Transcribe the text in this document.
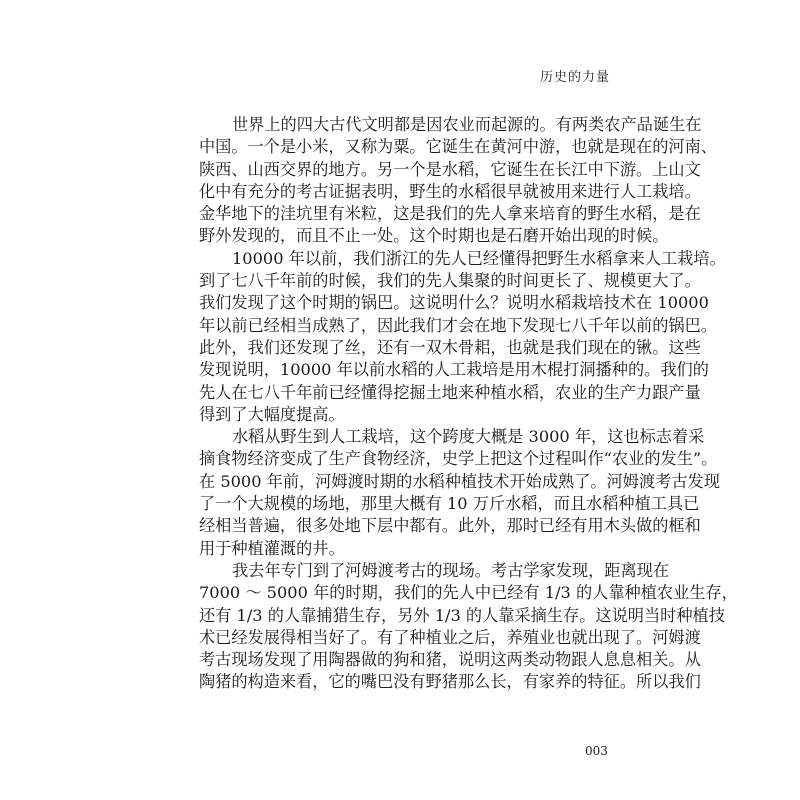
历史的力量
世界上的四大古代文明都是因农业而起源的。有两类农产品诞生在
中国。一个是小米，又称为粟。它诞生在黄河中游，也就是现在的河南、
陕西、山西交界的地方。另一个是水稻，它诞生在长江中下游。上山文
化中有充分的考古证据表明，野生的水稻很早就被用来进行人工栽培。
金华地下的洼坑里有米粒，这是我们的先人拿来培育的野生水稻，是在
野外发现的，而且不止一处。这个时期也是石磨开始出现的时候。
10000 年以前，我们浙江的先人已经懂得把野生水稻拿来人工栽培。
到了七八千年前的时候，我们的先人集聚的时间更长了、规模更大了。
我们发现了这个时期的锅巴。这说明什么？说明水稻栽培技术在 10000
年以前已经相当成熟了，因此我们才会在地下发现七八千年以前的锅巴。
此外，我们还发现了丝，还有一双木骨耜，也就是我们现在的锹。这些
发现说明，10000 年以前水稻的人工栽培是用木棍打洞播种的。我们的
先人在七八千年前已经懂得挖掘土地来种植水稻，农业的生产力跟产量
得到了大幅度提高。
水稻从野生到人工栽培，这个跨度大概是 3000 年，这也标志着采
摘食物经济变成了生产食物经济，史学上把这个过程叫作“农业的发生”。
在 5000 年前，河姆渡时期的水稻种植技术开始成熟了。河姆渡考古发现
了一个大规模的场地，那里大概有 10 万斤水稻，而且水稻种植工具已
经相当普遍，很多处地下层中都有。此外，那时已经有用木头做的框和
用于种植灌溉的井。
我去年专门到了河姆渡考古的现场。考古学家发现，距离现在
7000 ～ 5000 年的时期，我们的先人中已经有 1/3 的人靠种植农业生存，
还有 1/3 的人靠捕猎生存，另外 1/3 的人靠采摘生存。这说明当时种植技
术已经发展得相当好了。有了种植业之后，养殖业也就出现了。河姆渡
考古现场发现了用陶器做的狗和猪，说明这两类动物跟人息息相关。从
陶猪的构造来看，它的嘴巴没有野猪那么长，有家养的特征。所以我们
003
